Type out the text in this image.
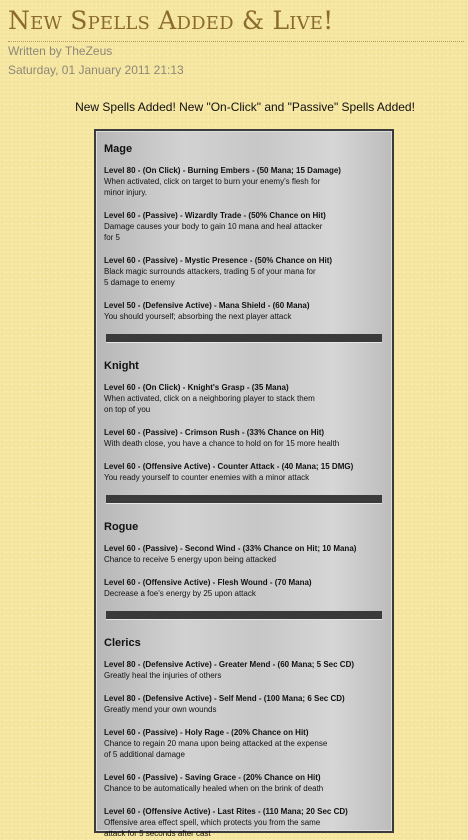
New Spells Added & Live!
Written by TheZeus
Saturday, 01 January 2011 21:13
New Spells Added! New "On-Click" and "Passive" Spells Added!
Mage
Level 80 - (On Click) - Burning Embers - (50 Mana; 15 Damage)
When activated, click on target to burn your enemy's flesh for
minor injury.
Level 60 - (Passive) - Wizardly Trade - (50% Chance on Hit)
Damage causes your body to gain 10 mana and heal attacker
for 5
Level 60 - (Passive) - Mystic Presence - (50% Chance on Hit)
Black magic surrounds attackers, trading 5 of your mana for
5 damage to enemy
Level 50 - (Defensive Active) - Mana Shield - (60 Mana)
You should yourself; absorbing the next player attack
Knight
Level 60 - (On Click) - Knight's Grasp - (35 Mana)
When activated, click on a neighboring player to stack them
on top of you
Level 60 - (Passive) - Crimson Rush - (33% Chance on Hit)
With death close, you have a chance to hold on for 15 more health
Level 60 - (Offensive Active) - Counter Attack - (40 Mana; 15 DMG)
You ready yourself to counter enemies with a minor attack
Rogue
Level 60 - (Passive) - Second Wind - (33% Chance on Hit; 10 Mana)
Chance to receive 5 energy upon being attacked
Level 60 - (Offensive Active) - Flesh Wound - (70 Mana)
Decrease a foe's energy by 25 upon attack
Clerics
Level 80 - (Defensive Active) - Greater Mend - (60 Mana; 5 Sec CD)
Greatly heal the injuries of others
Level 80 - (Defensive Active) - Self Mend - (100 Mana; 6 Sec CD)
Greatly mend your own wounds
Level 60 - (Passive) - Holy Rage - (20% Chance on Hit)
Chance to regain 20 mana upon being attacked at the expense
of 5 additional damage
Level 60 - (Passive) - Saving Grace - (20% Chance on Hit)
Chance to be automatically healed when on the brink of death
Level 60 - (Offensive Active) - Last Rites - (110 Mana; 20 Sec CD)
Offensive area effect spell, which protects you from the same
attack for 5 seconds after cast
